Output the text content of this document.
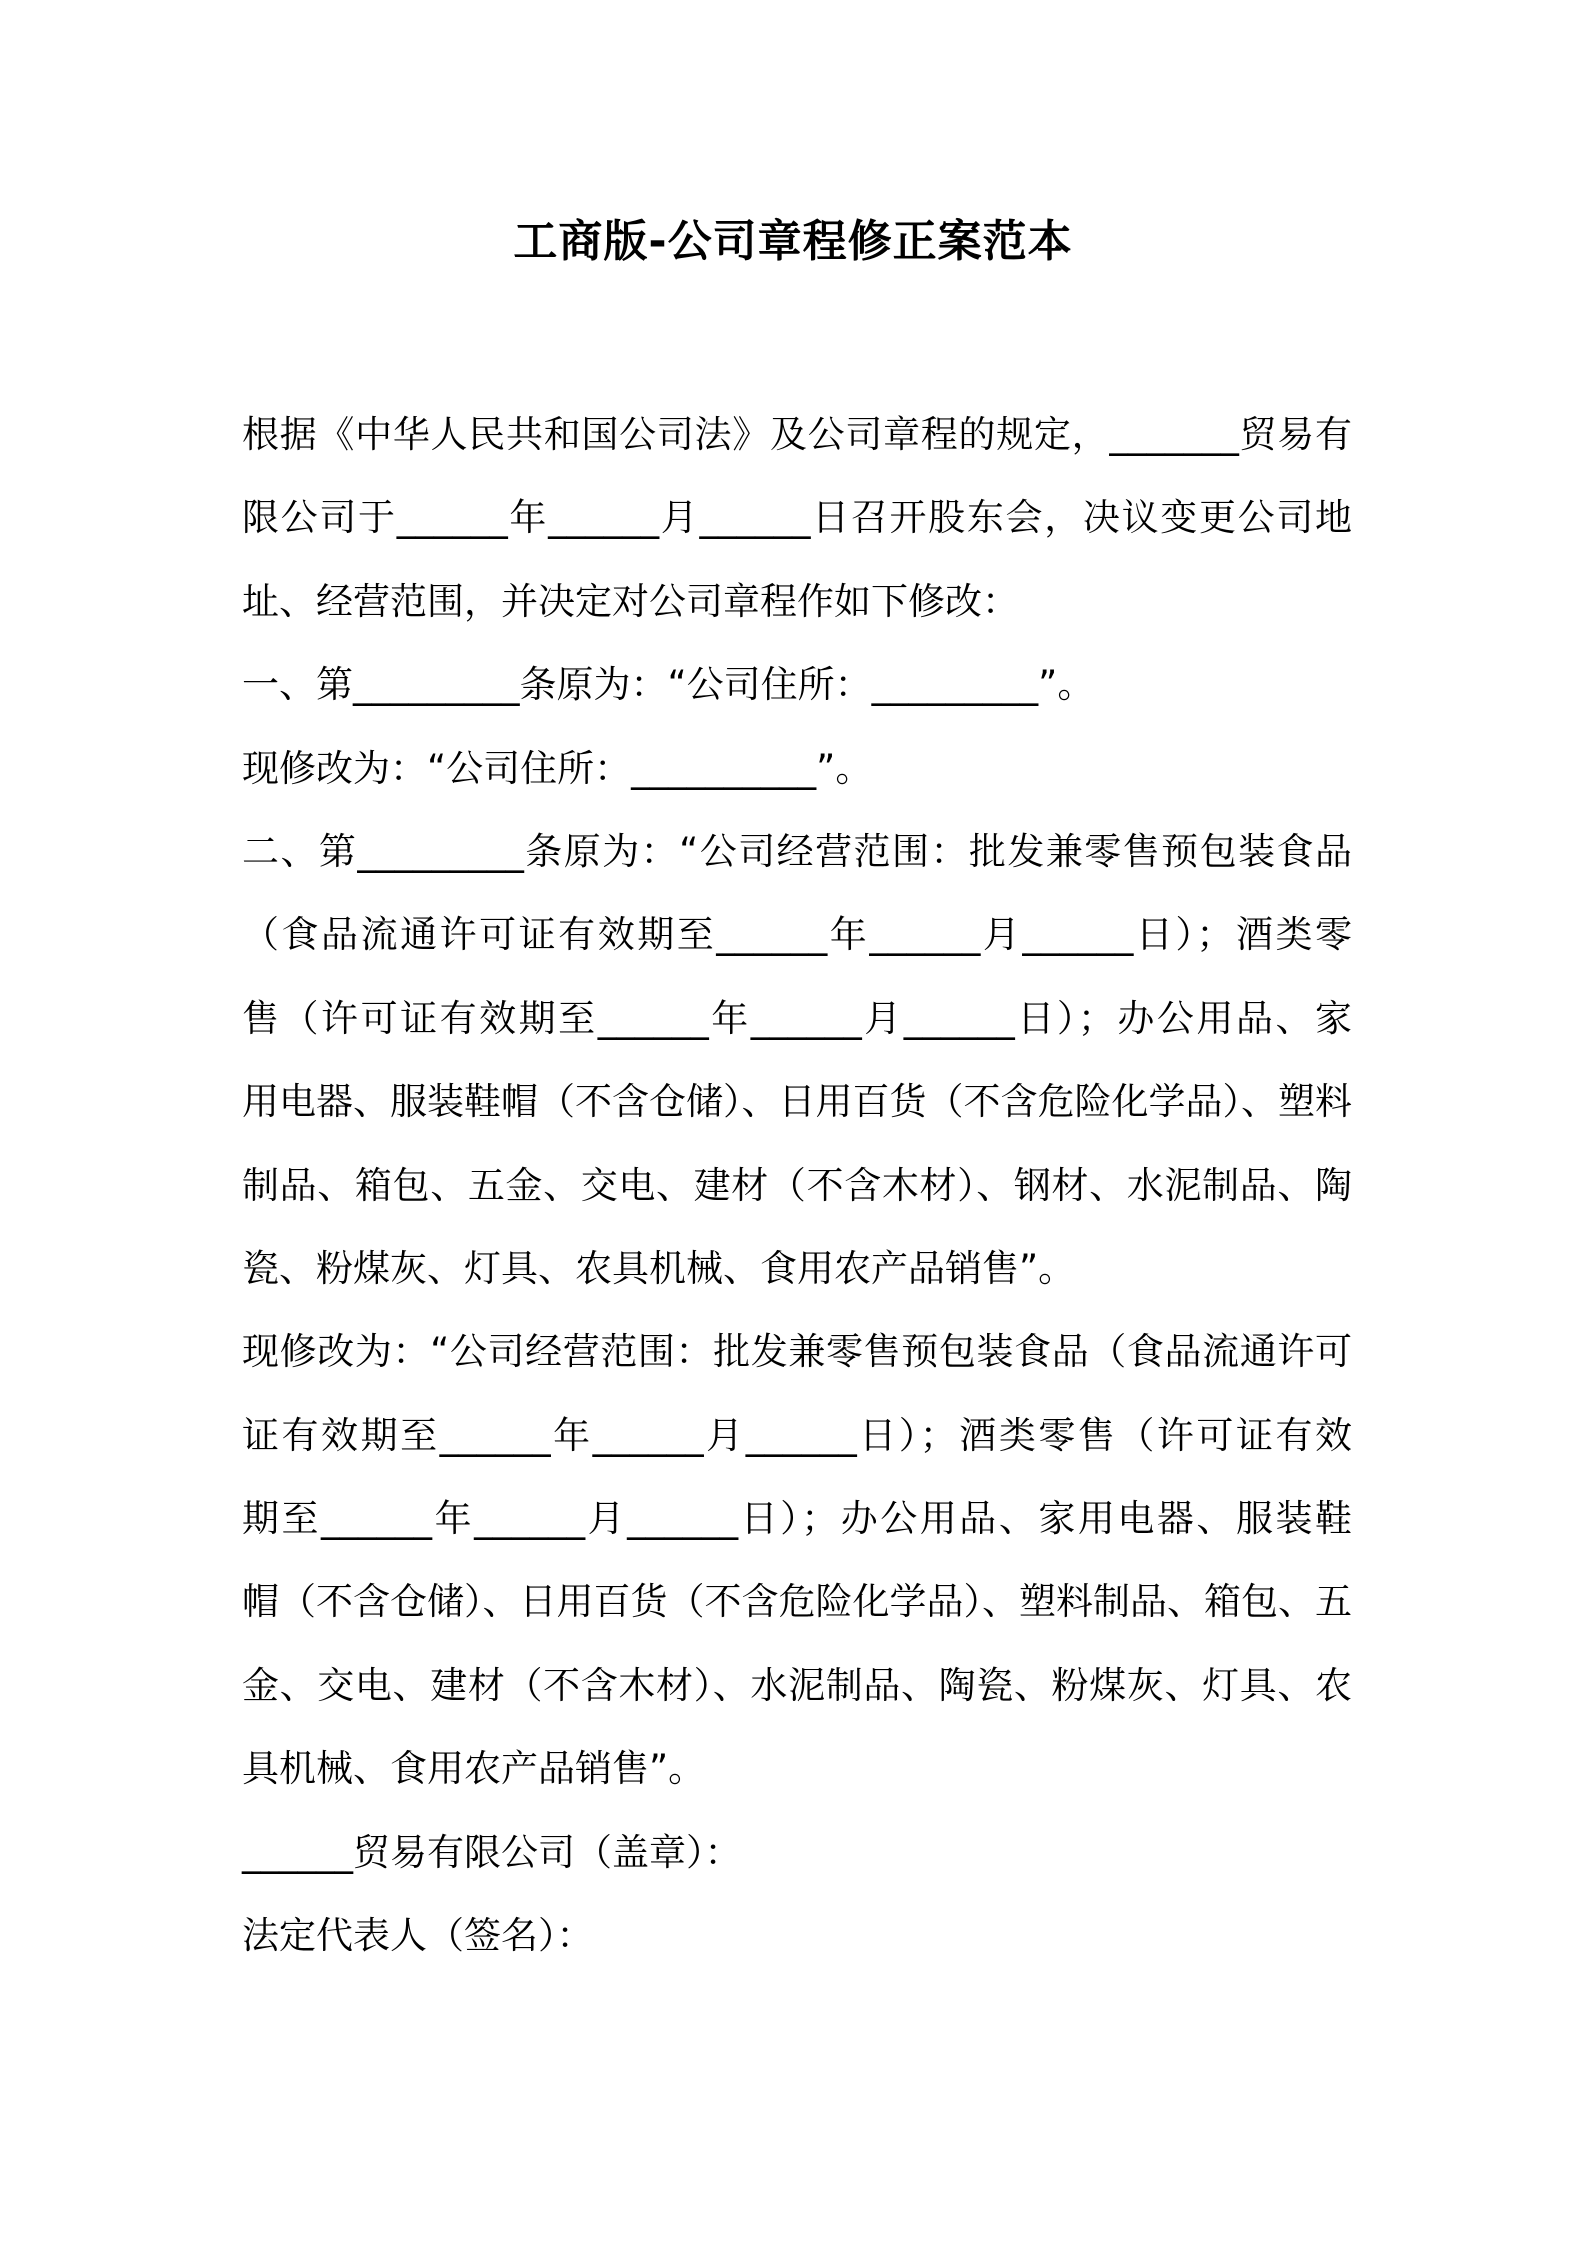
工商版-公司章程修正案范本
根据《中华人民共和国公司法》及公司章程的规定，_______贸易有
限公司于______年______月______日召开股东会，决议变更公司地
址、经营范围，并决定对公司章程作如下修改：
一、第_________条原为：“公司住所：_________”。
现修改为：“公司住所：__________”。
二、第_________条原为：“公司经营范围：批发兼零售预包装食品
（食品流通许可证有效期至______年______月______日）；酒类零
售（许可证有效期至______年______月______日）；办公用品、家
用电器、服装鞋帽（不含仓储）、日用百货（不含危险化学品）、塑料
制品、箱包、五金、交电、建材（不含木材）、钢材、水泥制品、陶
瓷、粉煤灰、灯具、农具机械、食用农产品销售”。
现修改为：“公司经营范围：批发兼零售预包装食品（食品流通许可
证有效期至______年______月______日）；酒类零售（许可证有效
期至______年______月______日）；办公用品、家用电器、服装鞋
帽（不含仓储）、日用百货（不含危险化学品）、塑料制品、箱包、五
金、交电、建材（不含木材）、水泥制品、陶瓷、粉煤灰、灯具、农
具机械、食用农产品销售”。
______贸易有限公司（盖章）：
法定代表人（签名）：
